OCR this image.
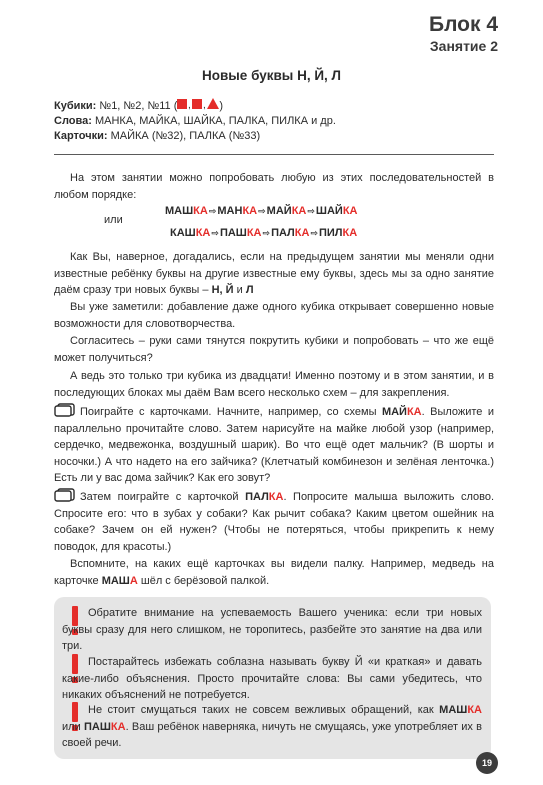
Блок 4
Занятие 2
Новые буквы Н, Й, Л
Кубики: №1, №2, №11 ( , , )
Слова: МАНКА, МАЙКА, ШАЙКА, ПАЛКА, ПИЛКА и др.
Карточки: МАЙКА (№32), ПАЛКА (№33)
На этом занятии можно попробовать любую из этих последовательностей в любом порядке:
МАШКА⇨МАНКА⇨МАЙКА⇨ШАЙКА
или
КАШКА⇨ПАШКА⇨ПАЛКА⇨ПИЛКА
Как Вы, наверное, догадались, если на предыдущем занятии мы меняли одни известные ребёнку буквы на другие известные ему буквы, здесь мы за одно занятие даём сразу три новых буквы – Н, Й и Л
Вы уже заметили: добавление даже одного кубика открывает совершенно новые возможности для словотворчества.
Согласитесь – руки сами тянутся покрутить кубики и попробовать – что же ещё может получиться?
А ведь это только три кубика из двадцати! Именно поэтому и в этом занятии, и в последующих блоках мы даём Вам всего несколько схем – для закрепления.
Поиграйте с карточками. Начните, например, со схемы МАЙКА. Выложите и параллельно прочитайте слово. Затем нарисуйте на майке любой узор (например, сердечко, медвежонка, воздушный шарик). Во что ещё одет мальчик? (В шорты и носочки.) А что надето на его зайчика? (Клетчатый комбинезон и зелёная ленточка.) Есть ли у вас дома зайчик? Как его зовут?
Затем поиграйте с карточкой ПАЛКА. Попросите малыша выложить слово. Спросите его: что в зубах у собаки? Как рычит собака? Каким цветом ошейник на собаке? Зачем он ей нужен? (Чтобы не потеряться, чтобы прикрепить к нему поводок, для красоты.)
Вспомните, на каких ещё карточках вы видели палку. Например, медведь на карточке МАША шёл с берёзовой палкой.
Обратите внимание на успеваемость Вашего ученика: если три новых буквы сразу для него слишком, не торопитесь, разбейте это занятие на два или три.
Постарайтесь избежать соблазна называть букву Й «и краткая» и давать какие-либо объяснения. Просто прочитайте слова: Вы сами убедитесь, что никаких объяснений не потребуется.
Не стоит смущаться таких не совсем вежливых обращений, как МАШКА или ПАШКА. Ваш ребёнок наверняка, ничуть не смущаясь, уже употребляет их в своей речи.
19
